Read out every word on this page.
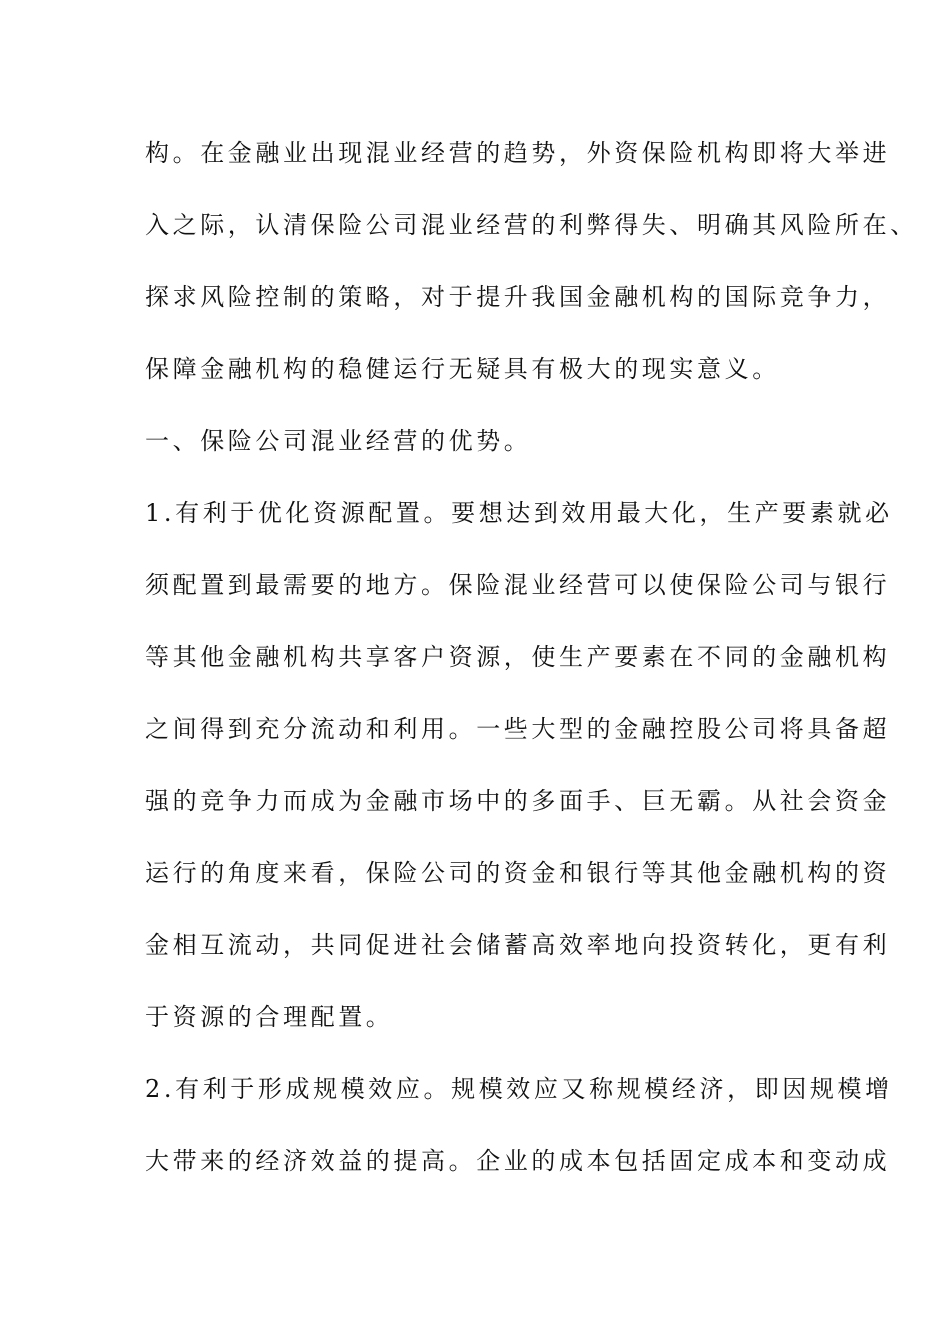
构。在金融业出现混业经营的趋势，外资保险机构即将大举进
入之际，认清保险公司混业经营的利弊得失、明确其风险所在、
探求风险控制的策略，对于提升我国金融机构的国际竞争力，
保障金融机构的稳健运行无疑具有极大的现实意义。
一、保险公司混业经营的优势。
1.有利于优化资源配置。要想达到效用最大化，生产要素就必
须配置到最需要的地方。保险混业经营可以使保险公司与银行
等其他金融机构共享客户资源，使生产要素在不同的金融机构
之间得到充分流动和利用。一些大型的金融控股公司将具备超
强的竞争力而成为金融市场中的多面手、巨无霸。从社会资金
运行的角度来看，保险公司的资金和银行等其他金融机构的资
金相互流动，共同促进社会储蓄高效率地向投资转化，更有利
于资源的合理配置。
2.有利于形成规模效应。规模效应又称规模经济，即因规模增
大带来的经济效益的提高。企业的成本包括固定成本和变动成
